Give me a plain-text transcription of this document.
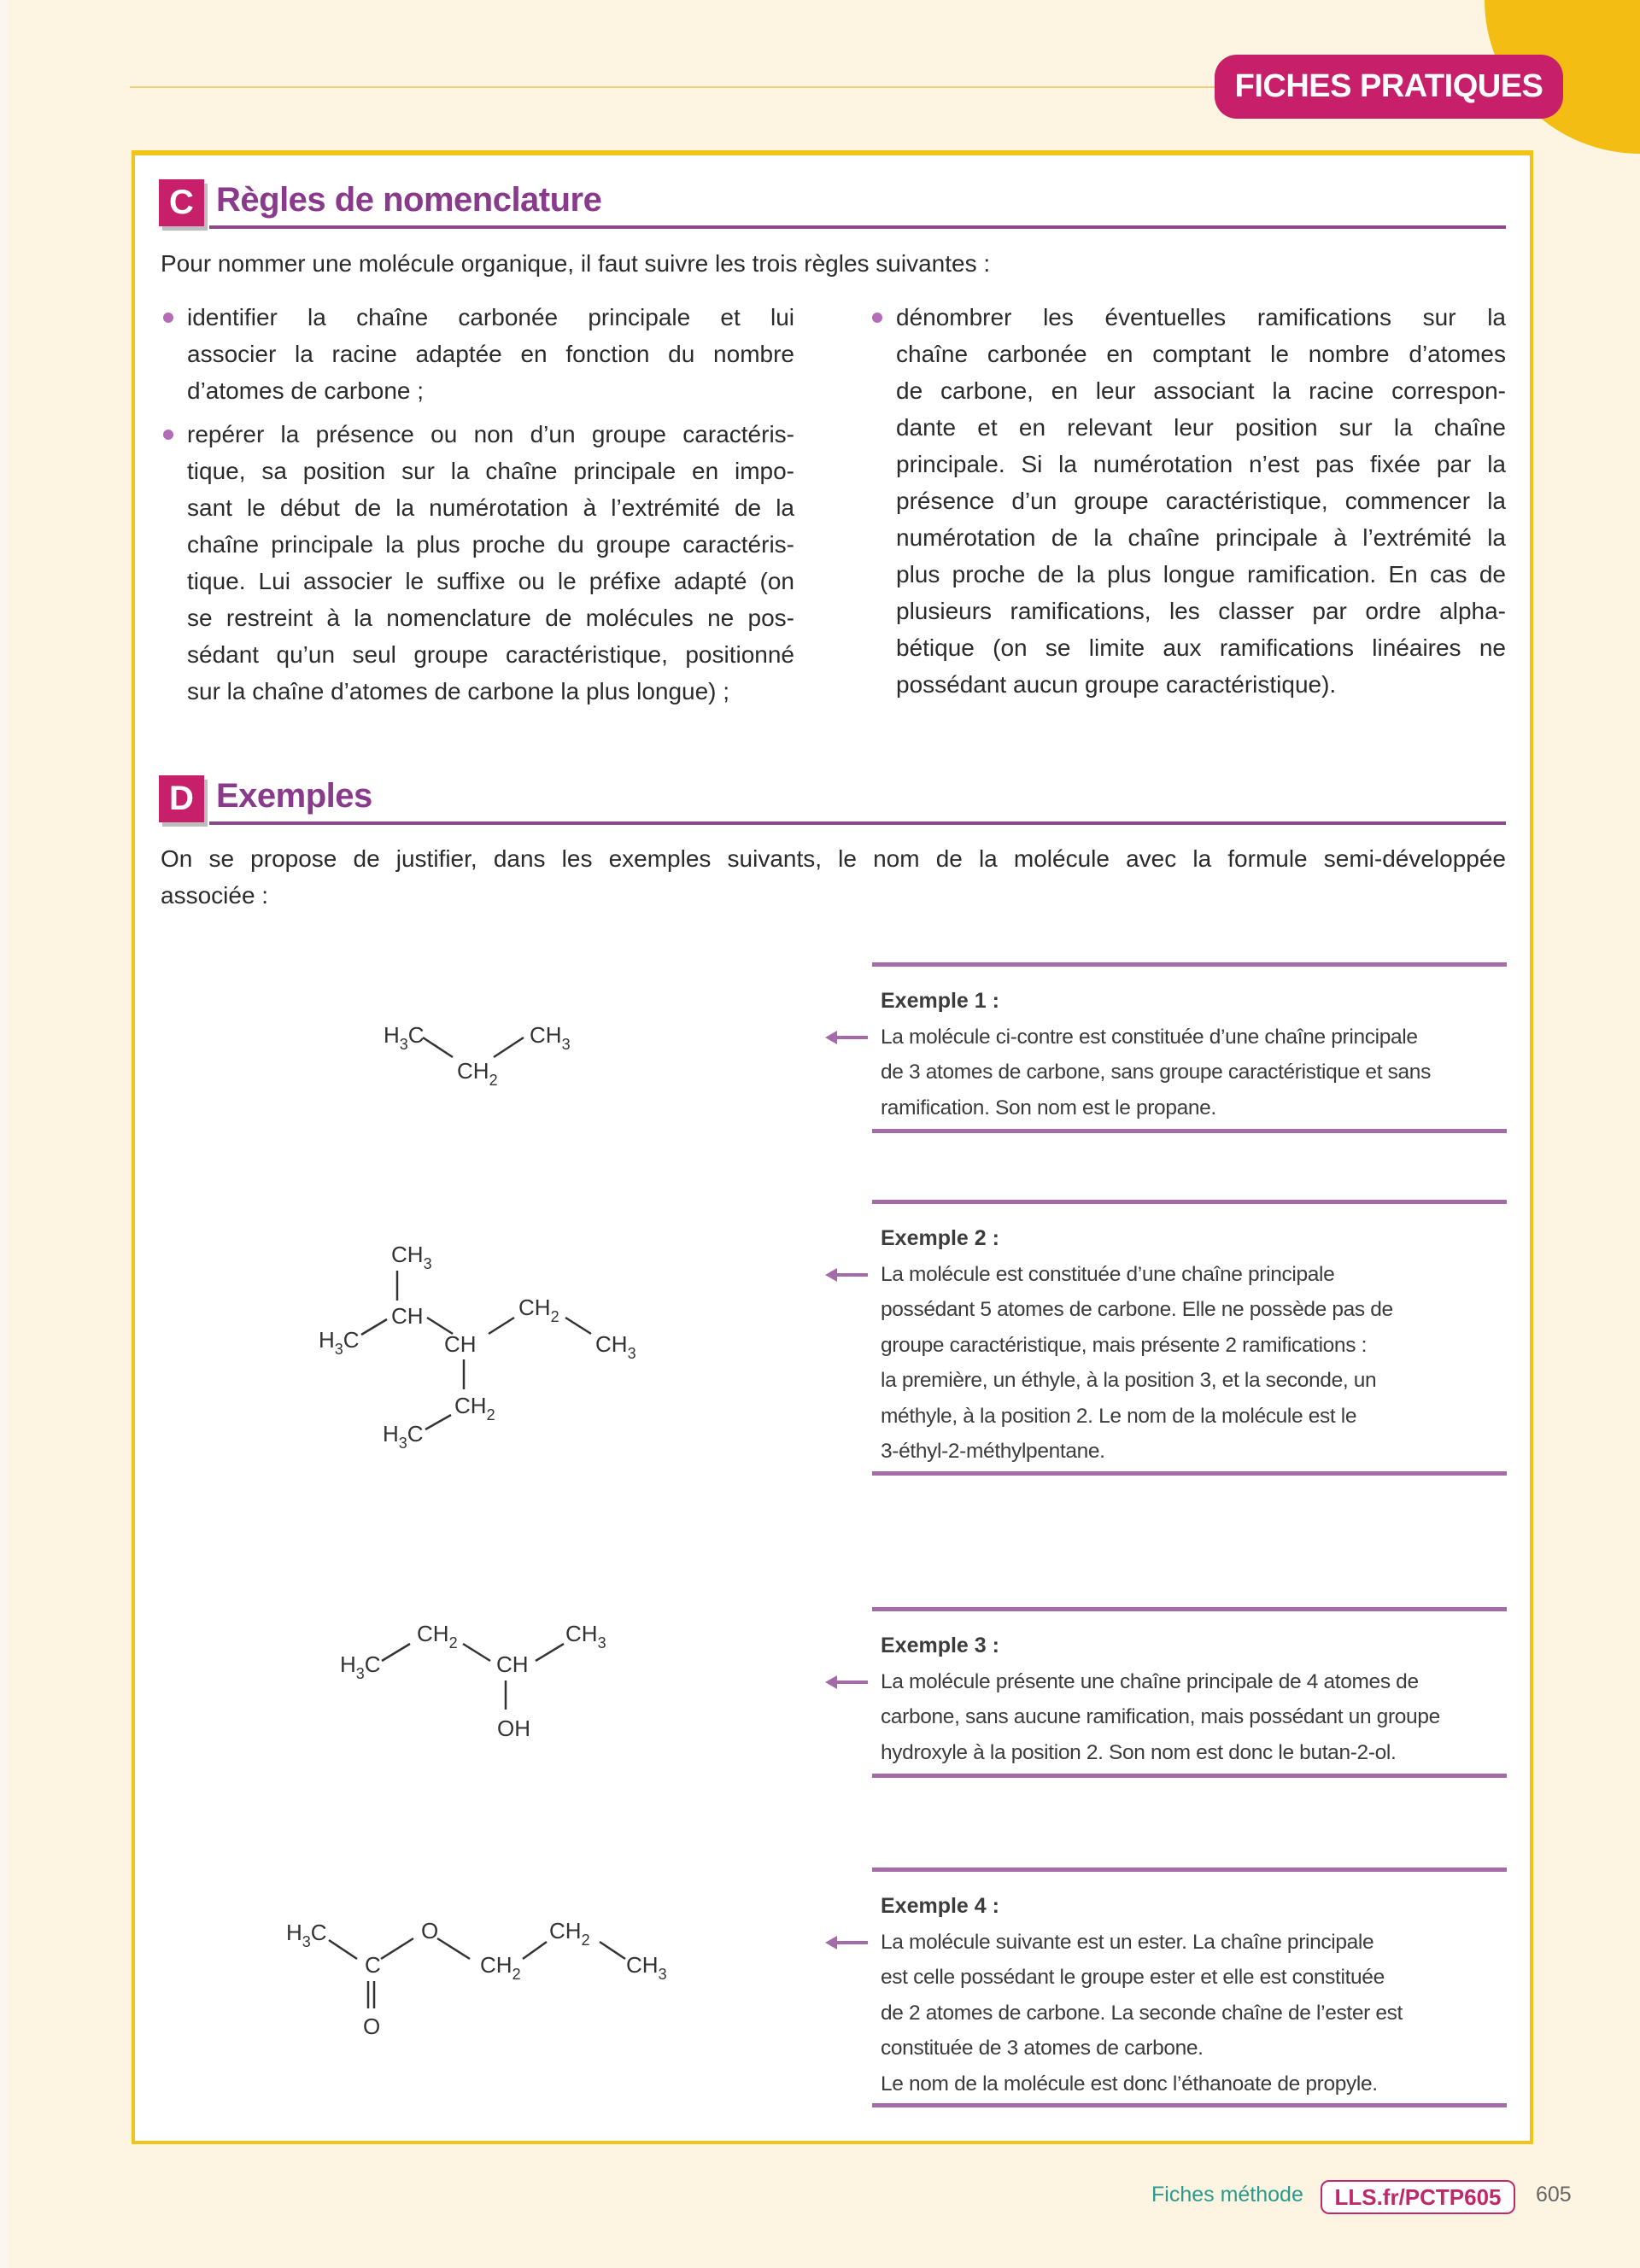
FICHES PRATIQUES
C Règles de nomenclature
Pour nommer une molécule organique, il faut suivre les trois règles suivantes :
identifier la chaîne carbonée principale et lui
associer la racine adaptée en fonction du nombre
d’atomes de carbone ;
repérer la présence ou non d’un groupe caractéris-
tique, sa position sur la chaîne principale en impo-
sant le début de la numérotation à l’extrémité de la
chaîne principale la plus proche du groupe caractéris-
tique. Lui associer le suffixe ou le préfixe adapté (on
se restreint à la nomenclature de molécules ne pos-
sédant qu’un seul groupe caractéristique, positionné
sur la chaîne d’atomes de carbone la plus longue) ;
dénombrer les éventuelles ramifications sur la
chaîne carbonée en comptant le nombre d’atomes
de carbone, en leur associant la racine correspon-
dante et en relevant leur position sur la chaîne
principale. Si la numérotation n’est pas fixée par la
présence d’un groupe caractéristique, commencer la
numérotation de la chaîne principale à l’extrémité la
plus proche de la plus longue ramification. En cas de
plusieurs ramifications, les classer par ordre alpha-
bétique (on se limite aux ramifications linéaires ne
possédant aucun groupe caractéristique).
D Exemples
On se propose de justifier, dans les exemples suivants, le nom de la molécule avec la formule semi-développée
associée :
Exemple 1 :
La molécule ci-contre est constituée d’une chaîne principale
de 3 atomes de carbone, sans groupe caractéristique et sans
ramification. Son nom est le propane.
Exemple 2 :
La molécule est constituée d’une chaîne principale
possédant 5 atomes de carbone. Elle ne possède pas de
groupe caractéristique, mais présente 2 ramifications :
la première, un éthyle, à la position 3, et la seconde, un
méthyle, à la position 2. Le nom de la molécule est le
3-éthyl-2-méthylpentane.
Exemple 3 :
La molécule présente une chaîne principale de 4 atomes de
carbone, sans aucune ramification, mais possédant un groupe
hydroxyle à la position 2. Son nom est donc le butan-2-ol.
Exemple 4 :
La molécule suivante est un ester. La chaîne principale
est celle possédant le groupe ester et elle est constituée
de 2 atomes de carbone. La seconde chaîne de l’ester est
constituée de 3 atomes de carbone.
Le nom de la molécule est donc l’éthanoate de propyle.
$H_3C$	$CH_3$
$CH_2$
$CH_3$
CH
$H_3C$	CH
$CH_2$
$CH_3$
$CH_2$
$H_3C$
$H_3C$
$CH_2$
CH
$CH_3$
OH
$H_3C$
C
O
$CH_2$
$CH_2$
$CH_3$
O
Fiches méthode	LLS.fr/PCTP605	605
